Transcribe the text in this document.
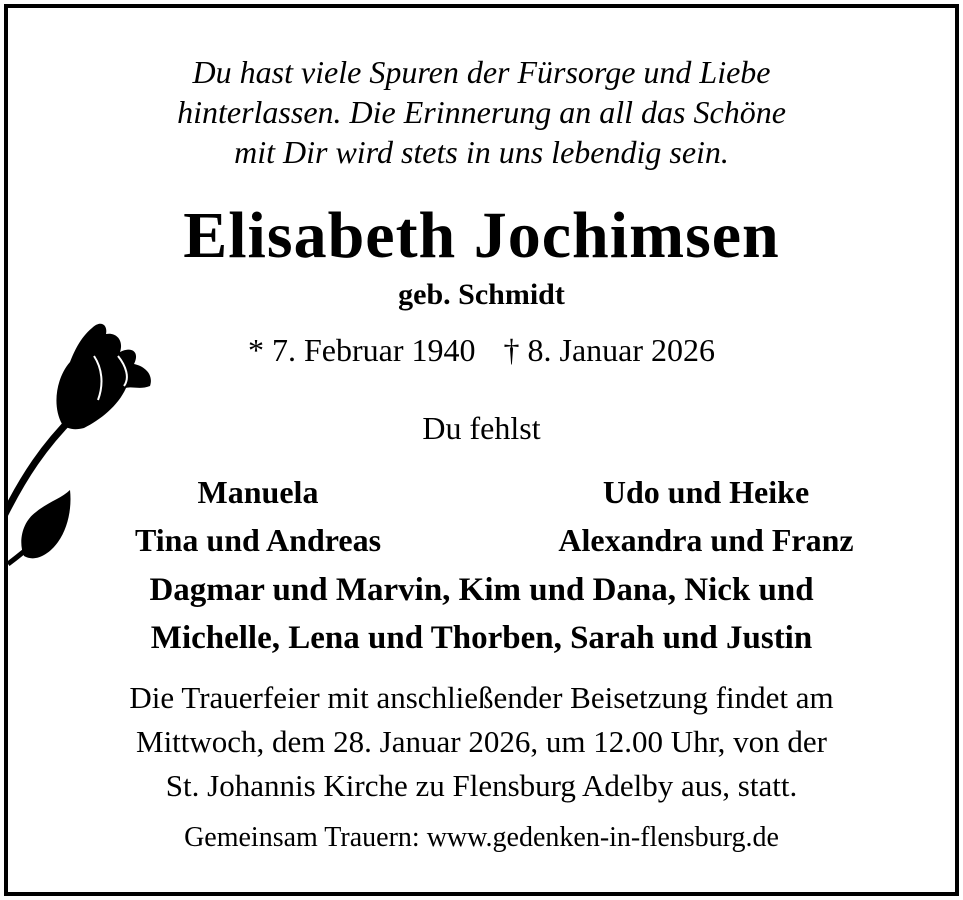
Du hast viele Spuren der Fürsorge und Liebe
hinterlassen. Die Erinnerung an all das Schöne
mit Dir wird stets in uns lebendig sein.
Elisabeth Jochimsen
geb. Schmidt
* 7. Februar 1940 † 8. Januar 2026
Du fehlst
Manuela
Tina und Andreas
Udo und Heike
Alexandra und Franz
Dagmar und Marvin, Kim und Dana, Nick und
Michelle, Lena und Thorben, Sarah und Justin
Die Trauerfeier mit anschließender Beisetzung findet am
Mittwoch, dem 28. Januar 2026, um 12.00 Uhr, von der
St. Johannis Kirche zu Flensburg Adelby aus, statt.
Gemeinsam Trauern: www.gedenken-in-flensburg.de
